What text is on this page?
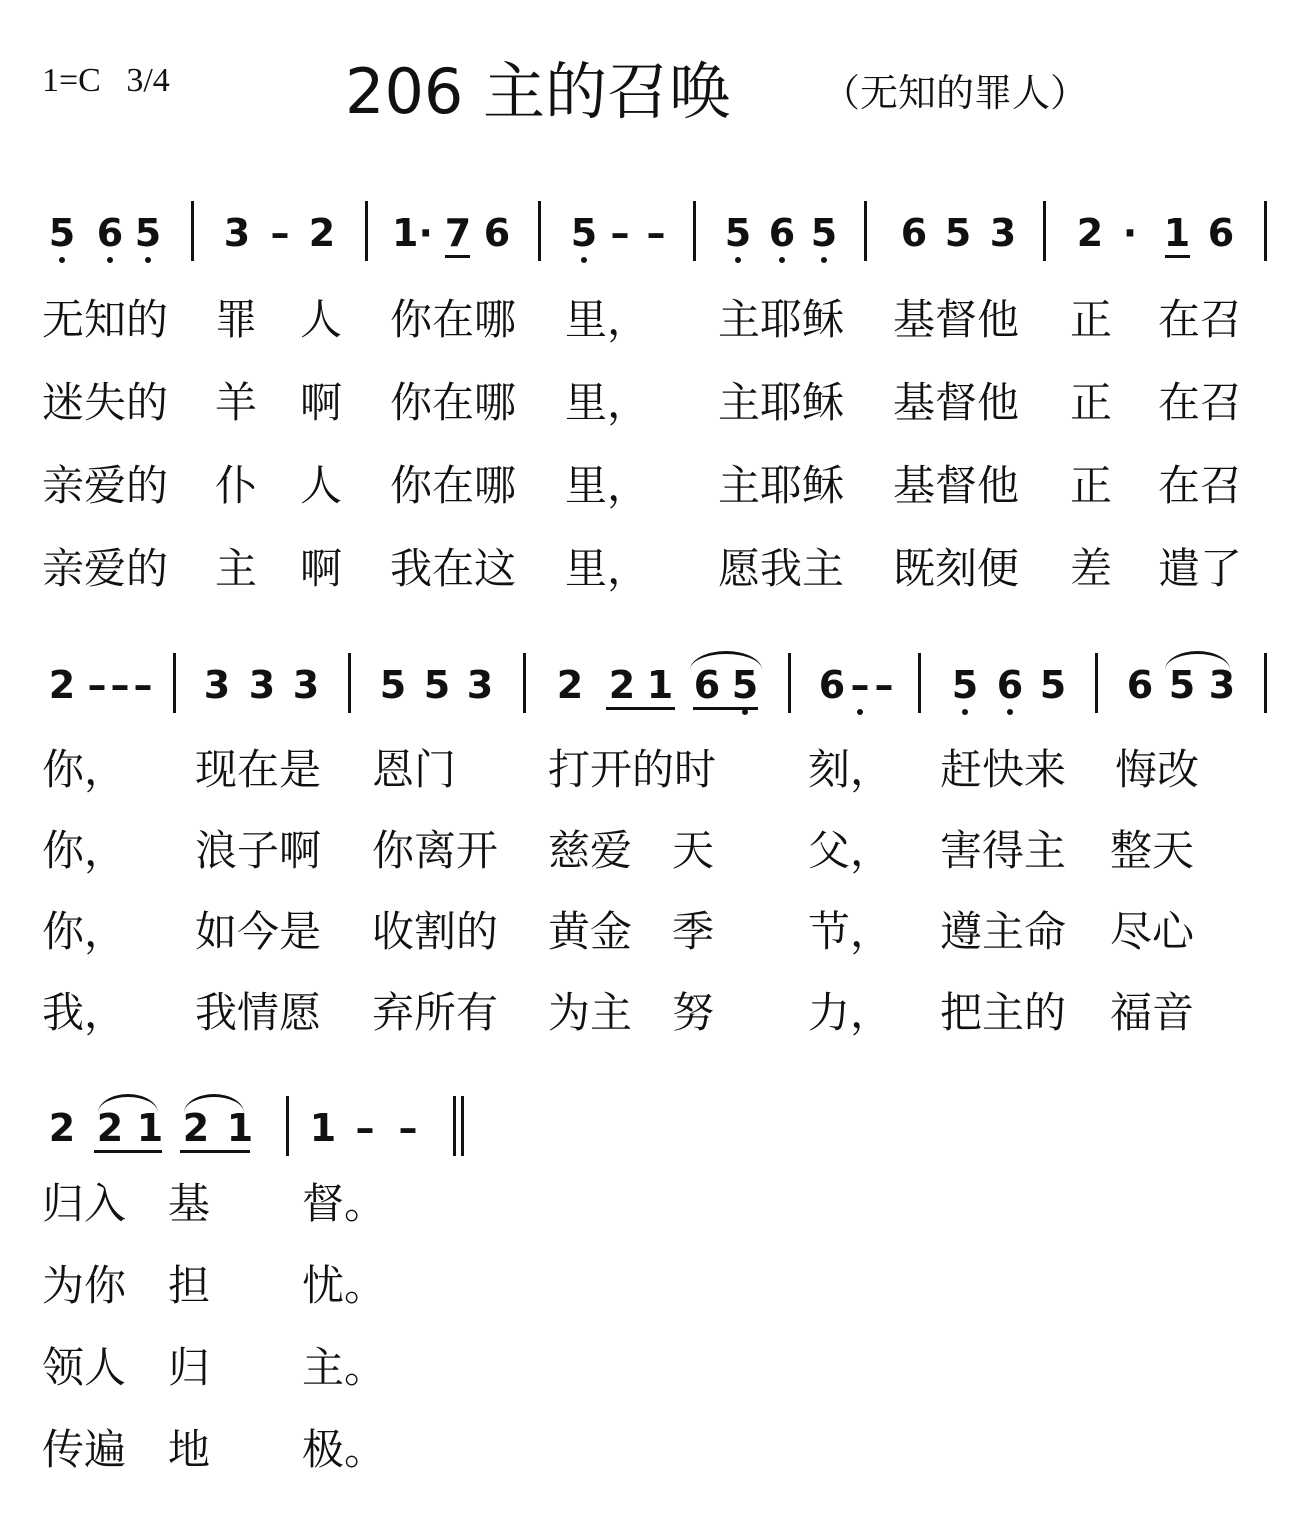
1=C 3/4	206 主的召唤 （无知的罪人）
5 6 5 3 – 2 1· 7 6 5 – – 5 6 5 6 5 3 2 · 1 6
无知的 罪 人 你在哪 里， 主耶稣 基督他 正 在召
迷失的 羊 啊 你在哪 里， 主耶稣 基督他 正 在召
亲爱的 仆 人 你在哪 里， 主耶稣 基督他 正 在召
亲爱的 主 啊 我在这 里， 愿我主 既刻便 差 遣了
2 – – – 3 3 3 5 5 3 2 2 1 6 5 6 – – 5 6 5 6 5 3
你， 现在是 恩门 打开的时 刻， 赶快来 悔改
你， 浪子啊 你离开 慈爱 天 父， 害得主 整天
你， 如今是 收割的 黄金 季 节， 遵主命 尽心
我， 我情愿 弃所有 为主 努 力， 把主的 福音
2 2 1 2 1 1 – –
归入 基 督。
为你 担 忧。
领人 归 主。
传遍 地 极。
